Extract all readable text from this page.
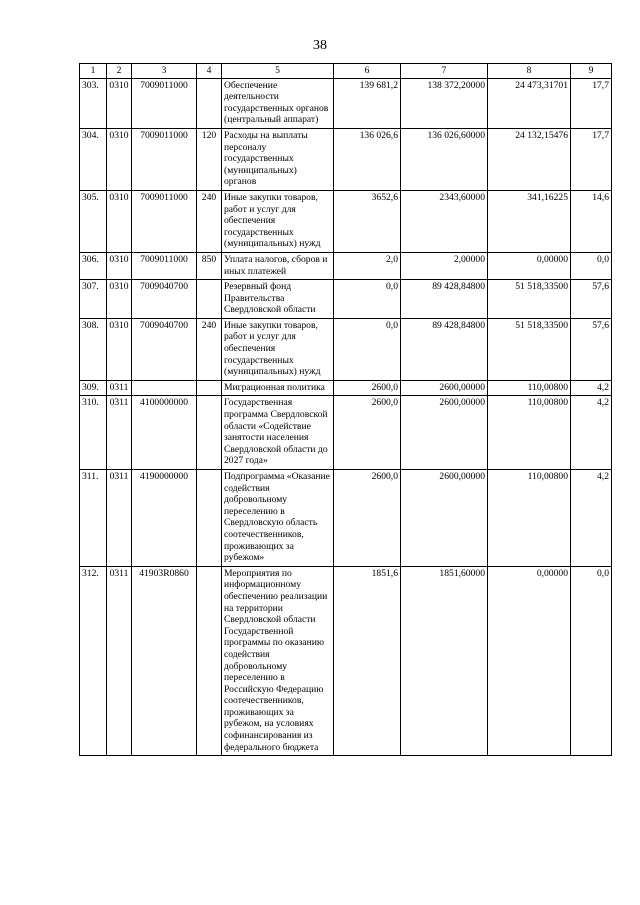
38
1	2	3	4	5	6	7	8	9
303.	0310	7009011000		Обеспечение деятельности государственных органов (центральный аппарат)	139 681,2	138 372,20000	24 473,31701	17,7
304.	0310	7009011000	120	Расходы на выплаты персоналу государственных (муниципальных) органов	136 026,6	136 026,60000	24 132,15476	17,7
305.	0310	7009011000	240	Иные закупки товаров, работ и услуг для обеспечения государственных (муниципальных) нужд	3652,6	2343,60000	341,16225	14,6
306.	0310	7009011000	850	Уплата налогов, сборов и иных платежей	2,0	2,00000	0,00000	0,0
307.	0310	7009040700		Резервный фонд Правительства Свердловской области	0,0	89 428,84800	51 518,33500	57,6
308.	0310	7009040700	240	Иные закупки товаров, работ и услуг для обеспечения государственных (муниципальных) нужд	0,0	89 428,84800	51 518,33500	57,6
309.	0311			Миграционная политика	2600,0	2600,00000	110,00800	4,2
310.	0311	4100000000		Государственная программа Свердловской области «Содействие занятости населения Свердловской области до 2027 года»	2600,0	2600,00000	110,00800	4,2
311.	0311	4190000000		Подпрограмма «Оказание содействия добровольному переселению в Свердловскую область соотечественников, проживающих за рубежом»	2600,0	2600,00000	110,00800	4,2
312.	0311	41903R0860		Мероприятия по информационному обеспечению реализации на территории Свердловской области Государственной программы по оказанию содействия добровольному переселению в Российскую Федерацию соотечественников, проживающих за рубежом, на условиях софинансирования из федерального бюджета	1851,6	1851,60000	0,00000	0,0
